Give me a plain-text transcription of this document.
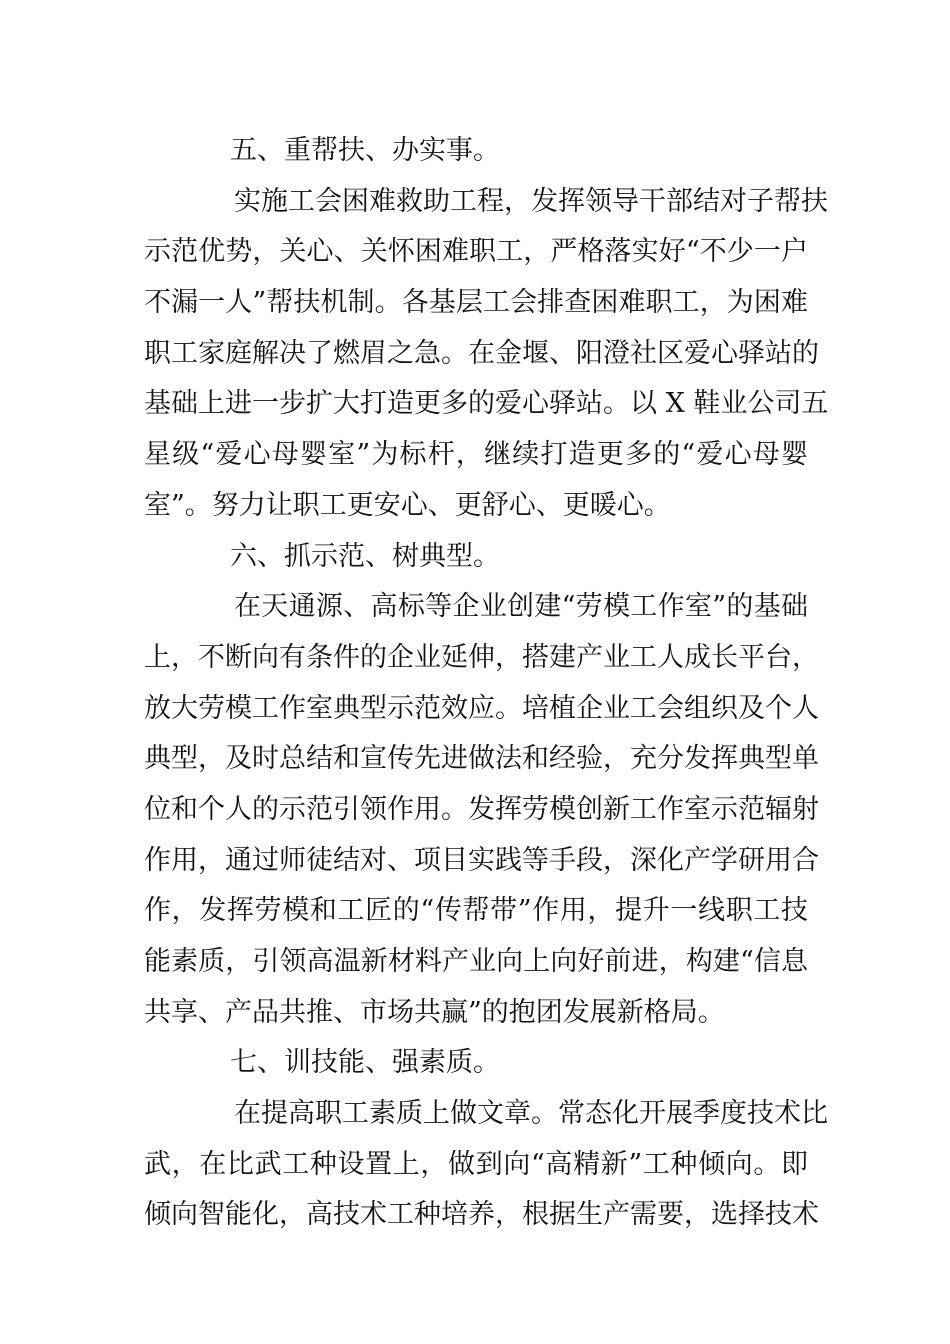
五、重帮扶、办实事。
实施工会困难救助工程，发挥领导干部结对子帮扶
示范优势，关心、关怀困难职工，严格落实好“不少一户
不漏一人”帮扶机制。各基层工会排查困难职工，为困难
职工家庭解决了燃眉之急。在金堰、阳澄社区爱心驿站的
基础上进一步扩大打造更多的爱心驿站。以 X 鞋业公司五
星级“爱心母婴室”为标杆，继续打造更多的“爱心母婴
室”。努力让职工更安心、更舒心、更暖心。
六、抓示范、树典型。
在天通源、高标等企业创建“劳模工作室”的基础
上，不断向有条件的企业延伸，搭建产业工人成长平台，
放大劳模工作室典型示范效应。培植企业工会组织及个人
典型，及时总结和宣传先进做法和经验，充分发挥典型单
位和个人的示范引领作用。发挥劳模创新工作室示范辐射
作用，通过师徒结对、项目实践等手段，深化产学研用合
作，发挥劳模和工匠的“传帮带”作用，提升一线职工技
能素质，引领高温新材料产业向上向好前进，构建“信息
共享、产品共推、市场共赢”的抱团发展新格局。
七、训技能、强素质。
在提高职工素质上做文章。常态化开展季度技术比
武，在比武工种设置上，做到向“高精新”工种倾向。即
倾向智能化，高技术工种培养，根据生产需要，选择技术
